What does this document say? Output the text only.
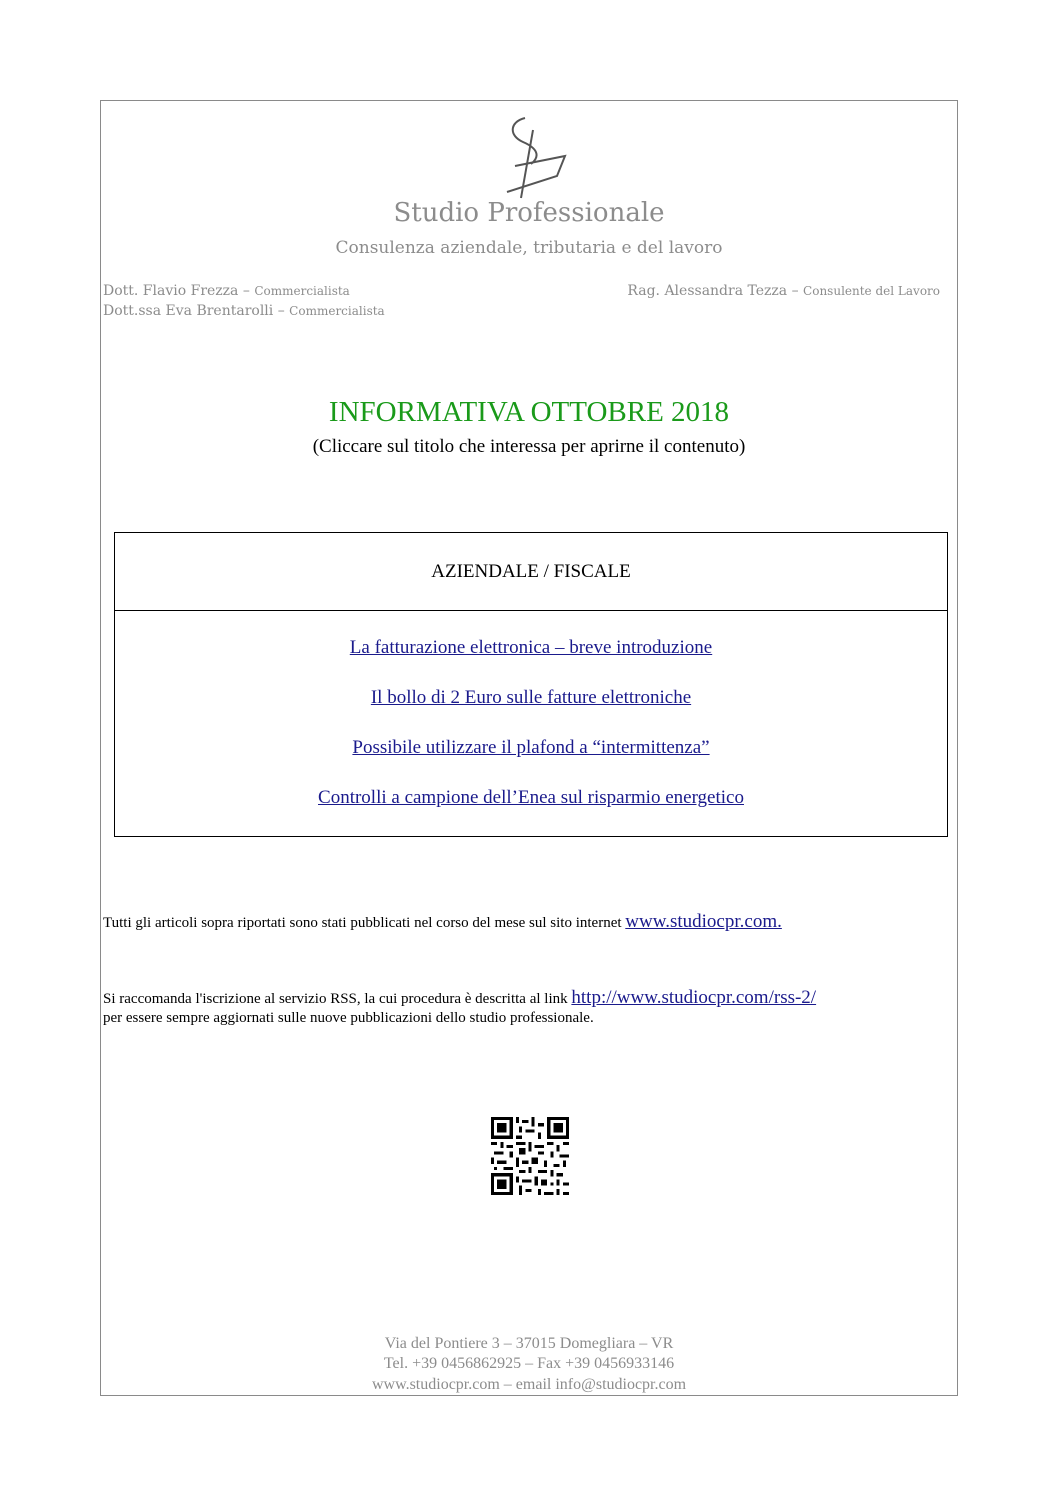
Studio Professionale
Consulenza aziendale, tributaria e del lavoro
Dott. Flavio Frezza – Commercialista
Dott.ssa Eva Brentarolli – Commercialista
Rag. Alessandra Tezza – Consulente del Lavoro
INFORMATIVA OTTOBRE 2018
(Cliccare sul titolo che interessa per aprirne il contenuto)
AZIENDALE / FISCALE
La fatturazione elettronica – breve introduzione
Il bollo di 2 Euro sulle fatture elettroniche
Possibile utilizzare il plafond a “intermittenza”
Controlli a campione dell’Enea sul risparmio energetico
Tutti gli articoli sopra riportati sono stati pubblicati nel corso del mese sul sito internet www.studiocpr.com.
Si raccomanda l'iscrizione al servizio RSS, la cui procedura è descritta al link http://www.studiocpr.com/rss-2/
per essere sempre aggiornati sulle nuove pubblicazioni dello studio professionale.
Via del Pontiere 3 – 37015 Domegliara – VR
Tel. +39 0456862925 – Fax +39 0456933146
www.studiocpr.com – email info@studiocpr.com
